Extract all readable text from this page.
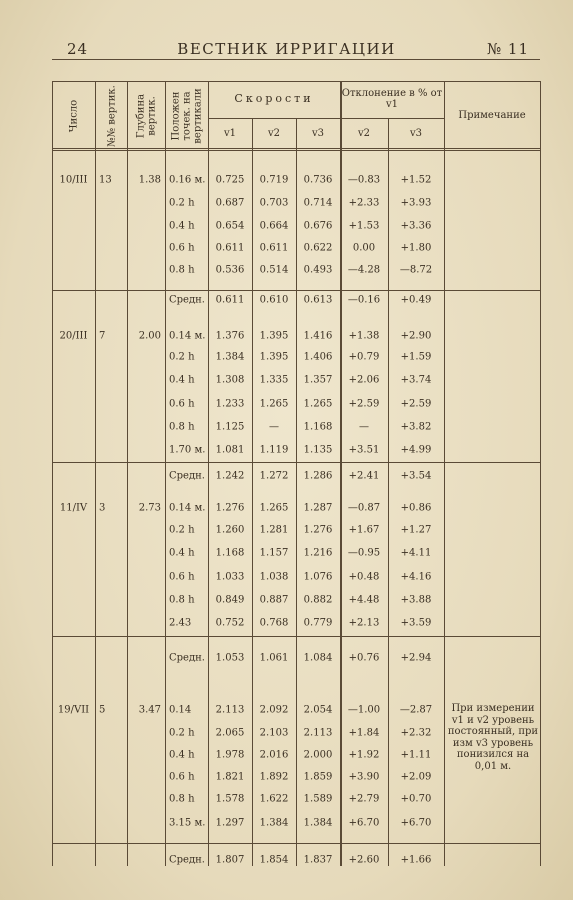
24	ВЕСТНИК ИРРИГАЦИИ	№ 11
Число	№№ вертик.	Глубина вертик.	Положен точек. на вертикали	Скорости	Отклонение в % от v1
Примечание
v1	v2	v3	v2	v3
10/III	13	1.38 0.16 м.	0.725	0.719	0.736	—0.83	+1.52
0.2 h	0.687	0.703	0.714	+2.33	+3.93
0.4 h	0.654	0.664	0.676	+1.53	+3.36
0.6 h	0.611	0.611	0.622	0.00	+1.80
0.8 h	0.536	0.514	0.493	—4.28	—8.72
Средн.	0.611	0.610	0.613	—0.16	+0.49
20/III	7	2.00 0.14 м.	1.376	1.395	1.416	+1.38	+2.90
0.2 h	1.384	1.395	1.406	+0.79	+1.59
0.4 h	1.308	1.335	1.357	+2.06	+3.74
0.6 h	1.233	1.265	1.265	+2.59	+2.59
0.8 h	1.125	—	1.168	—	+3.82
1.70 м.	1.081	1.119	1.135	+3.51	+4.99
Средн.	1.242	1.272	1.286	+2.41	+3.54
11/IV	3	2.73 0.14 м.	1.276	1.265	1.287	—0.87	+0.86
0.2 h	1.260	1.281	1.276	+1.67	+1.27
0.4 h	1.168	1.157	1.216	—0.95	+4.11
0.6 h	1.033	1.038	1.076	+0.48	+4.16
0.8 h	0.849	0.887	0.882	+4.48	+3.88
2.43	0.752	0.768	0.779	+2.13	+3.59
Средн.	1.053	1.061	1.084	+0.76	+2.94
19/VII 5	3.47 0.14	2.113	2.092	2.054	—1.00	—2.87
0.2 h	2.065	2.103	2.113	+1.84	+2.32
0.4 h	1.978	2.016	2.000	+1.92	+1.11
0.6 h	1.821	1.892	1.859	+3.90	+2.09
0.8 h	1.578	1.622	1.589	+2.79	+0.70
3.15 м.	1.297	1.384	1.384	+6.70	+6.70
Средн.	1.807	1.854	1.837	+2.60	+1.66
При измерении v1 и v2 уровень постоянный, при изм v3 уровень понизился на 0,01 м.
